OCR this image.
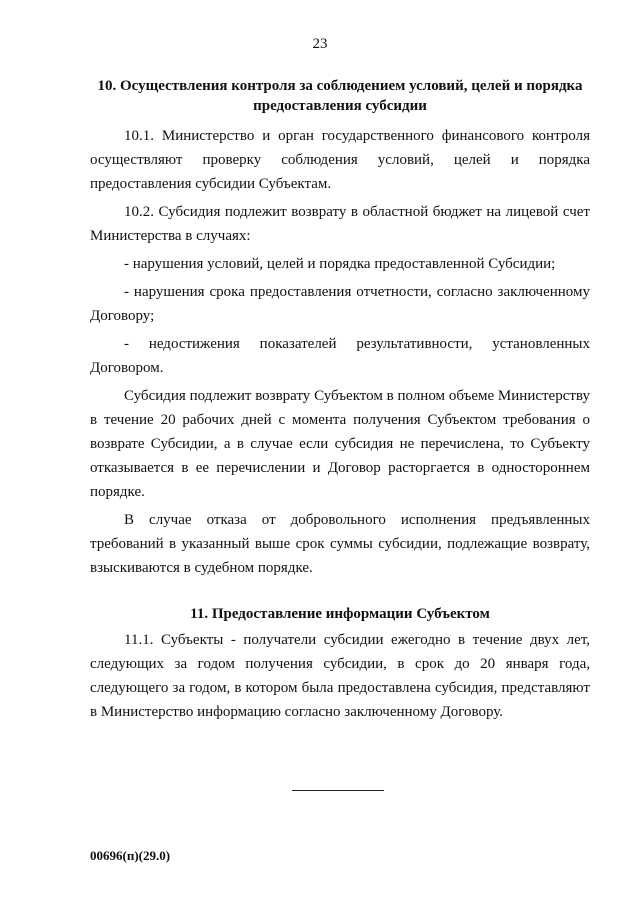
23
10. Осуществления контроля за соблюдением условий, целей и порядка предоставления субсидии

10.1. Министерство и орган государственного финансового контроля осуществляют проверку соблюдения условий, целей и порядка предоставления субсидии Субъектам.

10.2. Субсидия подлежит возврату в областной бюджет на лицевой счет Министерства в случаях:

- нарушения условий, целей и порядка предоставленной Субсидии;

- нарушения срока предоставления отчетности, согласно заключенному Договору;

- недостижения показателей результативности, установленных Договором.

Субсидия подлежит возврату Субъектом в полном объеме Министерству в течение 20 рабочих дней с момента получения Субъектом требования о возврате Субсидии, а в случае если субсидия не перечислена, то Субъекту отказывается в ее перечислении и Договор расторгается в одностороннем порядке.

В случае отказа от добровольного исполнения предъявленных требований в указанный выше срок суммы субсидии, подлежащие возврату, взыскиваются в судебном порядке.

11. Предоставление информации Субъектом

11.1. Субъекты - получатели субсидии ежегодно в течение двух лет, следующих за годом получения субсидии, в срок до 20 января года, следующего за годом, в котором была предоставлена субсидия, представляют в Министерство информацию согласно заключенному Договору.

00696(п)(29.0)
